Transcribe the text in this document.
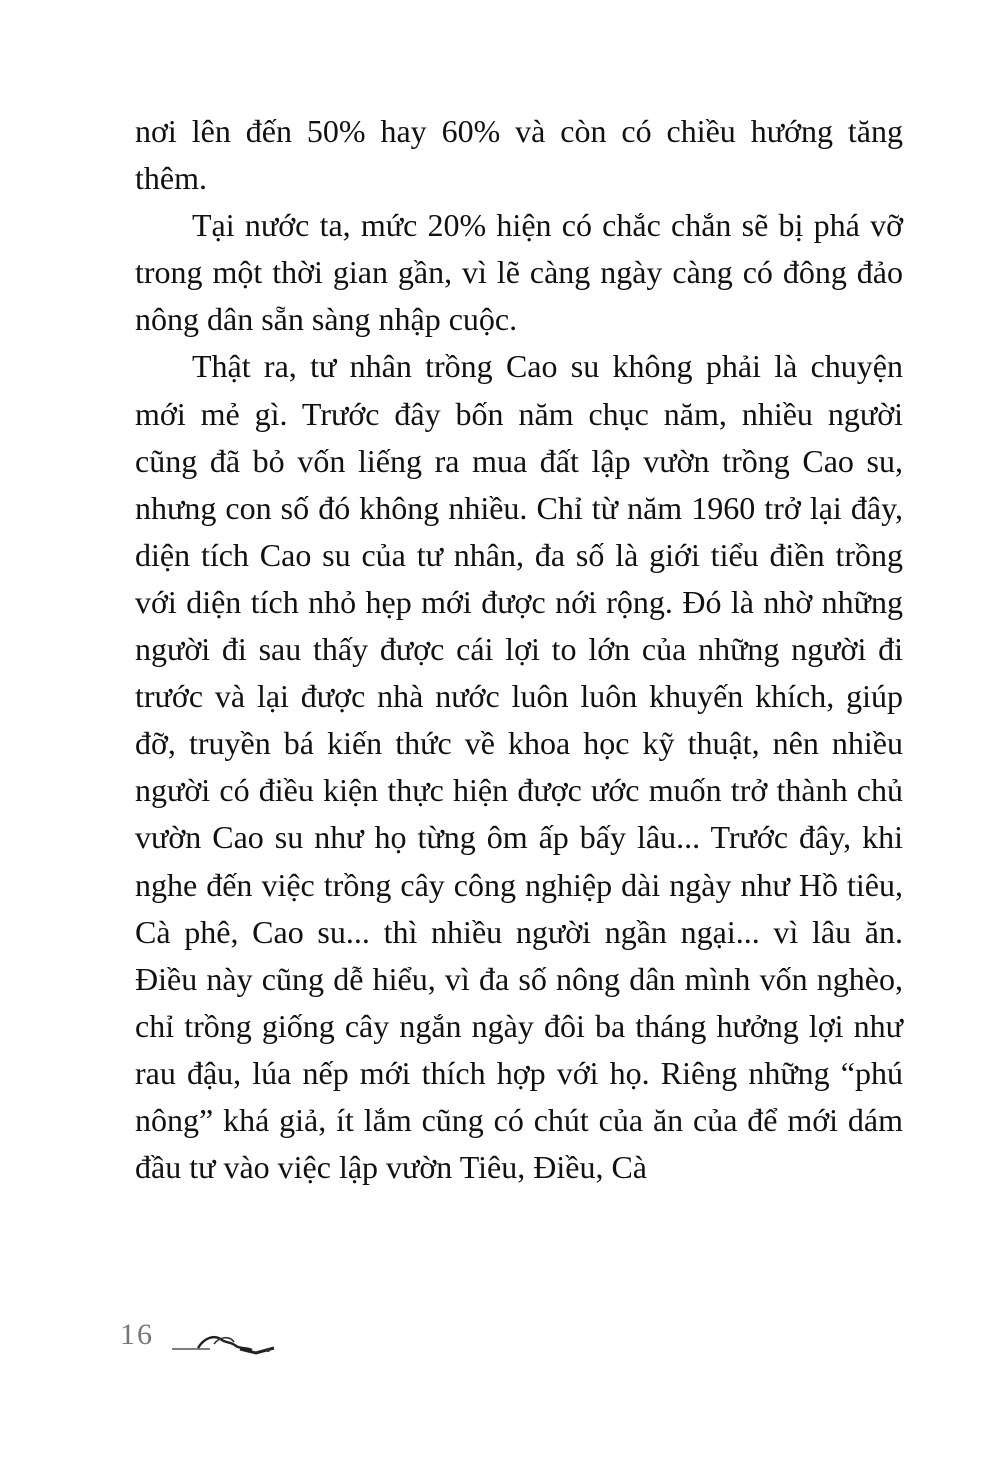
nơi lên đến 50% hay 60% và còn có chiều hướng tăng thêm.

Tại nước ta, mức 20% hiện có chắc chắn sẽ bị phá vỡ trong một thời gian gần, vì lẽ càng ngày càng có đông đảo nông dân sẵn sàng nhập cuộc.

Thật ra, tư nhân trồng Cao su không phải là chuyện mới mẻ gì. Trước đây bốn năm chục năm, nhiều người cũng đã bỏ vốn liếng ra mua đất lập vườn trồng Cao su, nhưng con số đó không nhiều. Chỉ từ năm 1960 trở lại đây, diện tích Cao su của tư nhân, đa số là giới tiểu điền trồng với diện tích nhỏ hẹp mới được nới rộng. Đó là nhờ những người đi sau thấy được cái lợi to lớn của những người đi trước và lại được nhà nước luôn luôn khuyến khích, giúp đỡ, truyền bá kiến thức về khoa học kỹ thuật, nên nhiều người có điều kiện thực hiện được ước muốn trở thành chủ vườn Cao su như họ từng ôm ấp bấy lâu... Trước đây, khi nghe đến việc trồng cây công nghiệp dài ngày như Hồ tiêu, Cà phê, Cao su... thì nhiều người ngần ngại... vì lâu ăn. Điều này cũng dễ hiểu, vì đa số nông dân mình vốn nghèo, chỉ trồng giống cây ngắn ngày đôi ba tháng hưởng lợi như rau đậu, lúa nếp mới thích hợp với họ. Riêng những “phú nông” khá giả, ít lắm cũng có chút của ăn của để mới dám đầu tư vào việc lập vườn Tiêu, Điều, Cà

16
